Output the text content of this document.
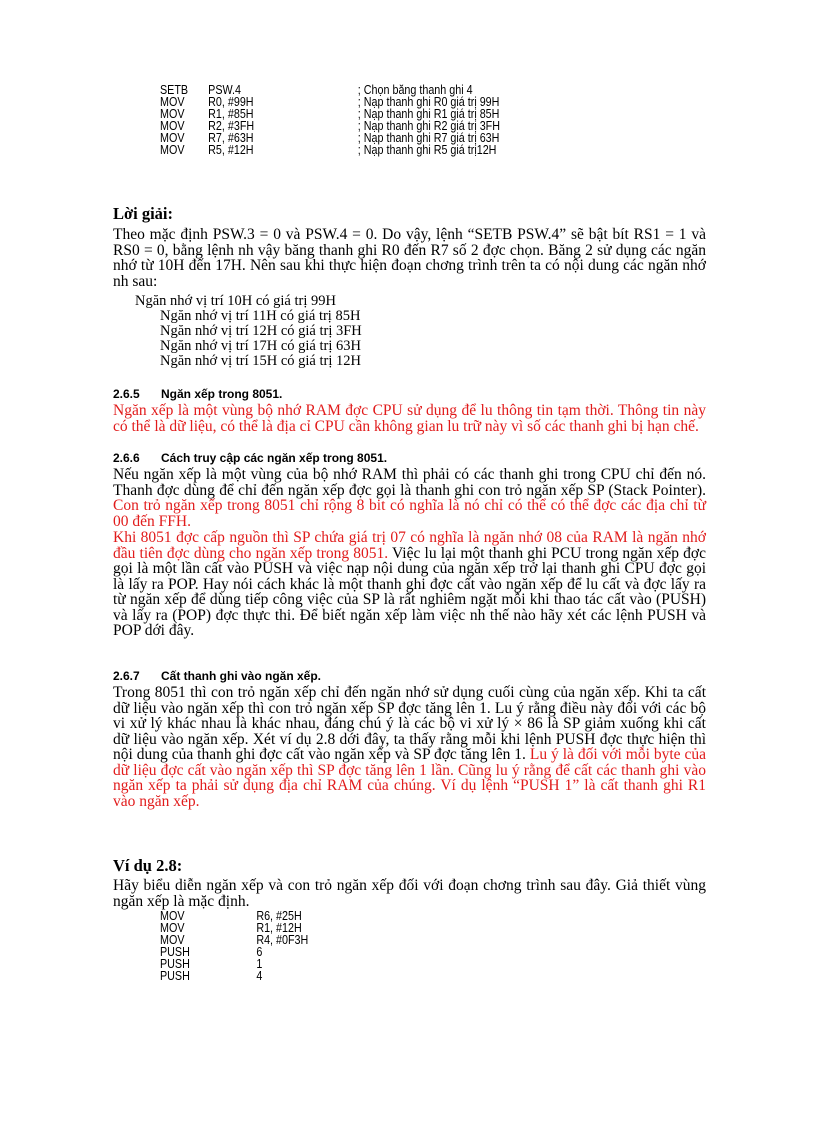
SETB	PSW.4	; Chọn băng thanh ghi 4
MOV	R0, #99H	; Nạp thanh ghi R0 giá trị 99H
MOV	R1, #85H	; Nạp thanh ghi R1 giá trị 85H
MOV	R2, #3FH	; Nạp thanh ghi R2 giá trị 3FH
MOV	R7, #63H	; Nạp thanh ghi R7 giá trị 63H
MOV	R5, #12H	; Nạp thanh ghi R5 giá trị12H
Lời giải:
Theo mặc định PSW.3 = 0 và PSW.4 = 0. Do vậy, lệnh “SETB PSW.4” sẽ bật bít RS1 = 1 và RS0 = 0, bằng lệnh nh vậy băng thanh ghi R0 đến R7 số 2 đợc chọn. Băng 2 sử dụng các ngăn nhớ từ 10H đến 17H. Nên sau khi thực hiện đoạn chơng trình trên ta có nội dung các ngăn nhớ nh sau:
Ngăn nhớ vị trí 10H có giá trị 99H
Ngăn nhớ vị trí 11H có giá trị 85H
Ngăn nhớ vị trí 12H có giá trị 3FH
Ngăn nhớ vị trí 17H có giá trị 63H
Ngăn nhớ vị trí 15H có giá trị 12H
2.6.5 Ngăn xếp trong 8051.
Ngăn xếp là một vùng bộ nhớ RAM đợc CPU sử dụng để lu thông tin tạm thời. Thông tin này có thể là dữ liệu, có thể là địa cỉ CPU cần không gian lu trữ này vì số các thanh ghi bị hạn chế.
2.6.6 Cách truy cập các ngăn xếp trong 8051.
Nếu ngăn xếp là một vùng của bộ nhớ RAM thì phải có các thanh ghi trong CPU chỉ đến nó. Thanh đợc dùng để chỉ đến ngăn xếp đợc gọi là thanh ghi con trỏ ngăn xếp SP (Stack Pointer). Con trỏ ngăn xếp trong 8051 chỉ rộng 8 bit có nghĩa là nó chỉ có thể có thể đợc các địa chỉ từ 00 đến FFH.
Khi 8051 đợc cấp nguồn thì SP chứa giá trị 07 có nghĩa là ngăn nhớ 08 của RAM là ngăn nhớ đầu tiên đợc dùng cho ngăn xếp trong 8051. Việc lu lại một thanh ghi PCU trong ngăn xếp đợc gọi là một lần cất vào PUSH và việc nạp nội dung của ngăn xếp trở lại thanh ghi CPU đợc gọi là lấy ra POP. Hay nói cách khác là một thanh ghi đợc cất vào ngăn xếp để lu cất và đợc lấy ra từ ngăn xếp để dùng tiếp công việc của SP là rất nghiêm ngặt mỗi khi thao tác cất vào (PUSH) và lấy ra (POP) đợc thực thi. Để biết ngăn xếp làm việc nh thế nào hãy xét các lệnh PUSH và POP dới đây.
2.6.7 Cất thanh ghi vào ngăn xếp.
Trong 8051 thì con trỏ ngăn xếp chỉ đến ngăn nhớ sử dụng cuối cùng của ngăn xếp. Khi ta cất dữ liệu vào ngăn xếp thì con trỏ ngăn xếp SP đợc tăng lên 1. Lu ý rằng điều này đối với các bộ vi xử lý khác nhau là khác nhau, đáng chú ý là các bộ vi xử lý × 86 là SP giảm xuống khi cất dữ liệu vào ngăn xếp. Xét ví dụ 2.8 dới đây, ta thấy rằng mỗi khi lệnh PUSH đợc thực hiện thì nội dung của thanh ghi đợc cất vào ngăn xếp và SP đợc tăng lên 1. Lu ý là đối với mỗi byte của dữ liệu đợc cất vào ngăn xếp thì SP đợc tăng lên 1 lần. Cũng lu ý rằng để cất các thanh ghi vào ngăn xếp ta phải sử dụng địa chỉ RAM của chúng. Ví dụ lệnh “PUSH 1” là cất thanh ghi R1 vào ngăn xếp.
Ví dụ 2.8:
Hãy biểu diễn ngăn xếp và con trỏ ngăn xếp đối với đoạn chơng trình sau đây. Giả thiết vùng ngăn xếp là mặc định.
MOV	R6, #25H
MOV	R1, #12H
MOV	R4, #0F3H
PUSH	6
PUSH	1
PUSH	4
